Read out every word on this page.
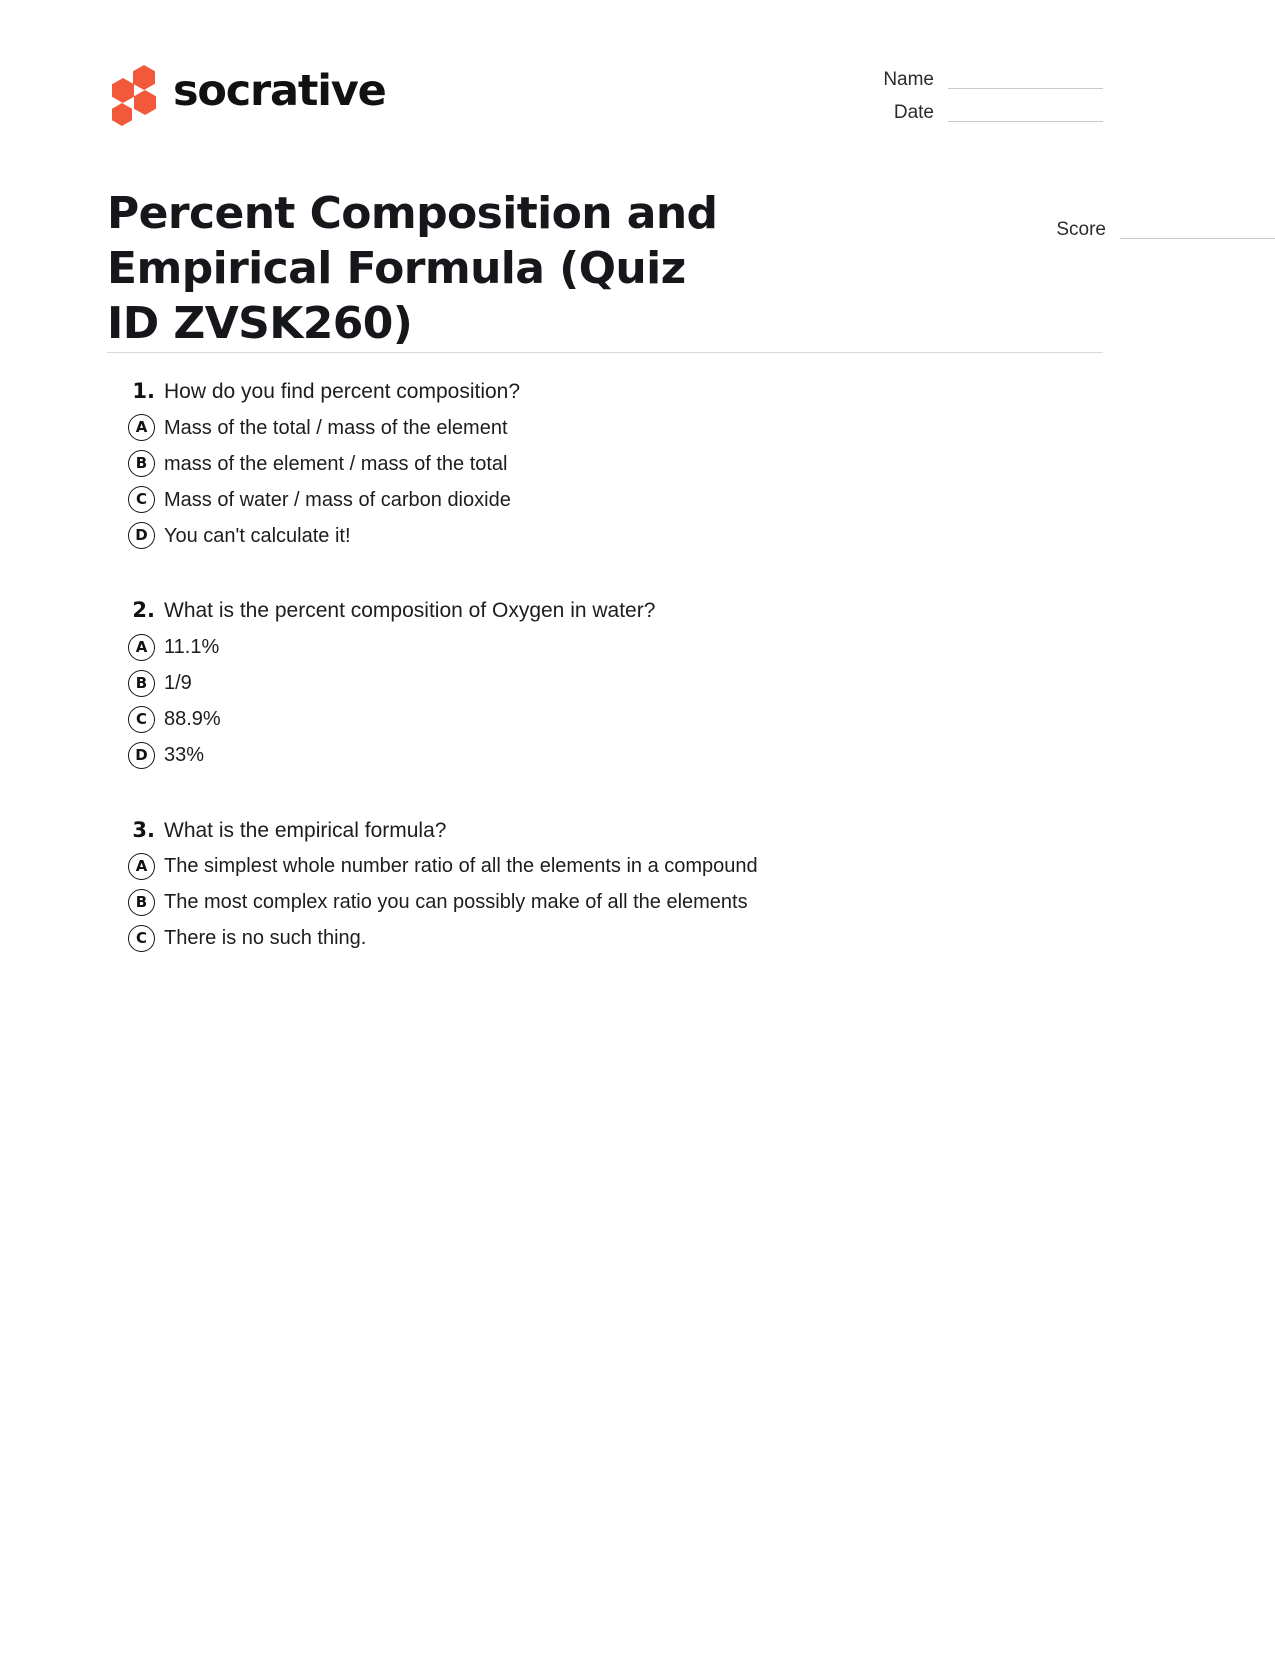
socrative	Name
Date
Score
Percent Composition and Empirical Formula (Quiz ID ZVSK260)
1. How do you find percent composition?
A Mass of the total / mass of the element
B mass of the element / mass of the total
C Mass of water / mass of carbon dioxide
D You can't calculate it!
2. What is the percent composition of Oxygen in water?
A 11.1%
B 1/9
C 88.9%
D 33%
3. What is the empirical formula?
A The simplest whole number ratio of all the elements in a compound
B The most complex ratio you can possibly make of all the elements
C There is no such thing.
